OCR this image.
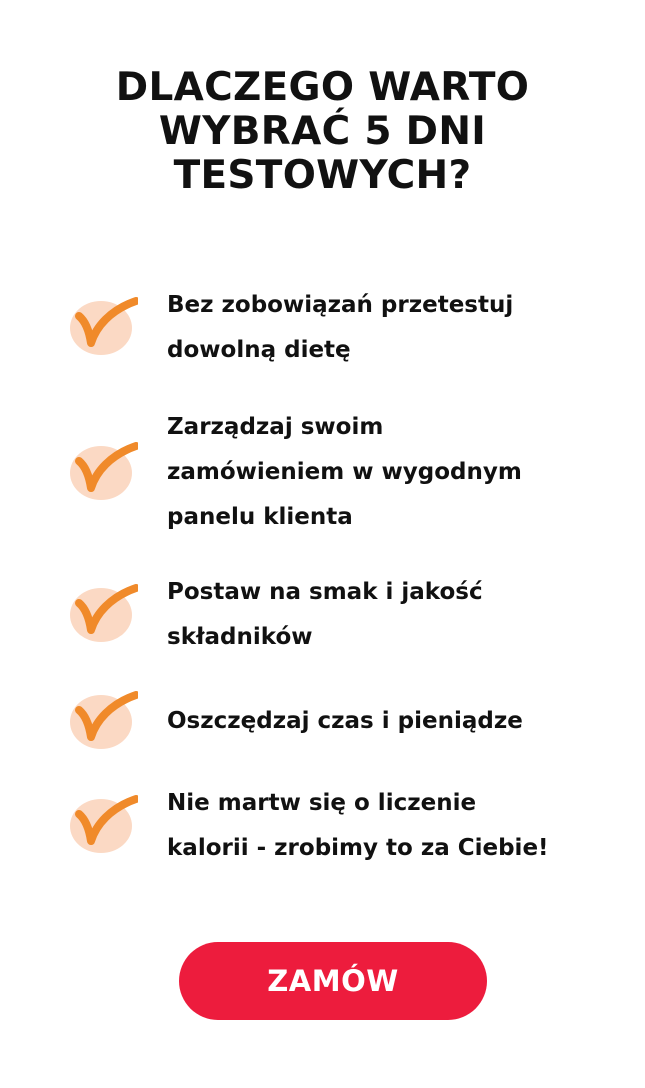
DLACZEGO WARTO
WYBRAĆ 5 DNI
TESTOWYCH?
Bez zobowiązań przetestuj
dowolną dietę
Zarządzaj swoim
zamówieniem w wygodnym
panelu klienta
Postaw na smak i jakość
składników
Oszczędzaj czas i pieniądze
Nie martw się o liczenie
kalorii - zrobimy to za Ciebie!
ZAMÓW
